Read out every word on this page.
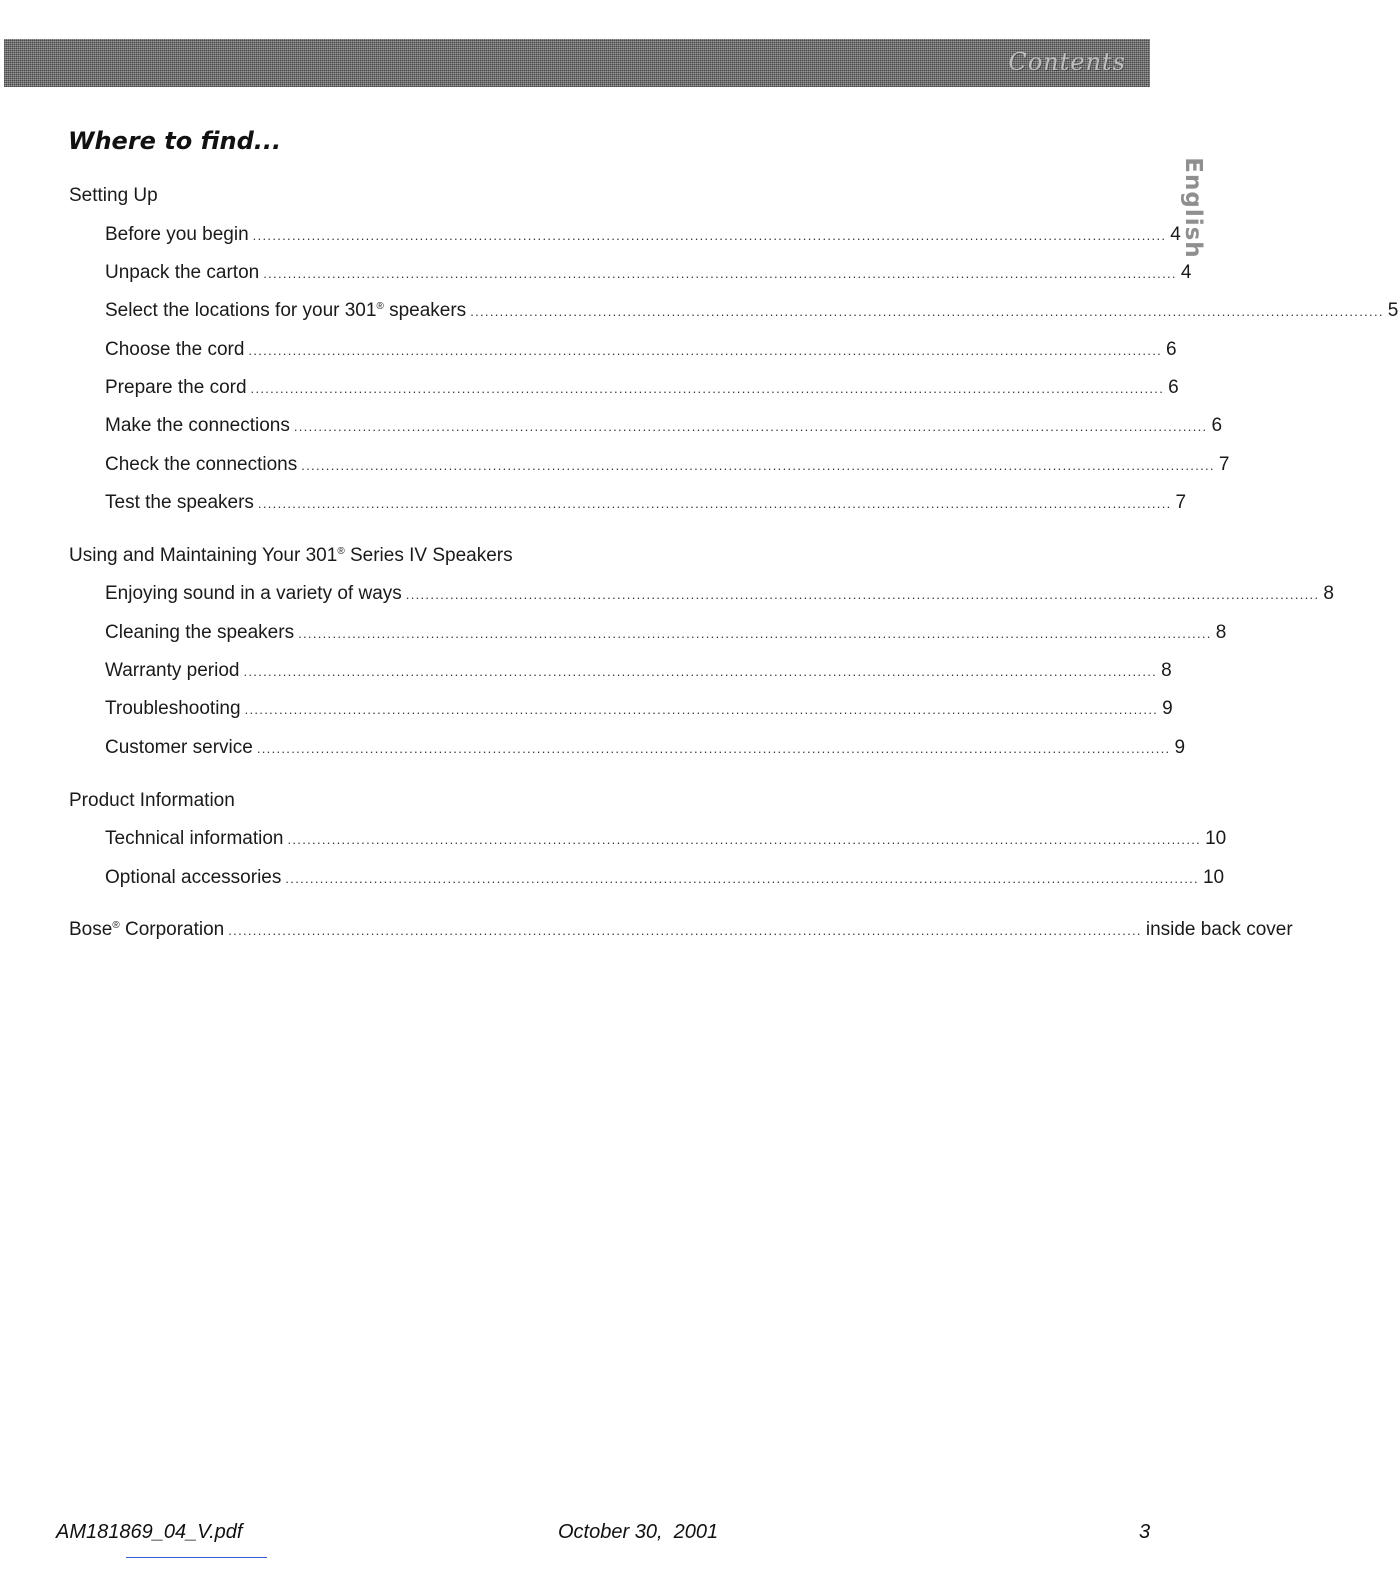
Contents
English
Where to find...
Setting Up
Before you begin .......................................................................................................................................................................................... 4
Unpack the carton .......................................................................................................................................................................................... 4
Select the locations for your 301® speakers .......................................................................................................................................................................................... 5
Choose the cord .......................................................................................................................................................................................... 6
Prepare the cord .......................................................................................................................................................................................... 6
Make the connections .......................................................................................................................................................................................... 6
Check the connections .......................................................................................................................................................................................... 7
Test the speakers .......................................................................................................................................................................................... 7
Using and Maintaining Your 301® Series IV Speakers
Enjoying sound in a variety of ways .......................................................................................................................................................................................... 8
Cleaning the speakers .......................................................................................................................................................................................... 8
Warranty period .......................................................................................................................................................................................... 8
Troubleshooting .......................................................................................................................................................................................... 9
Customer service .......................................................................................................................................................................................... 9
Product Information
Technical information .......................................................................................................................................................................................... 10
Optional accessories .......................................................................................................................................................................................... 10
Bose® Corporation .......................................................................................................................................................................................... inside back cover
AM181869_04_V.pdf	October 30,  2001	3
